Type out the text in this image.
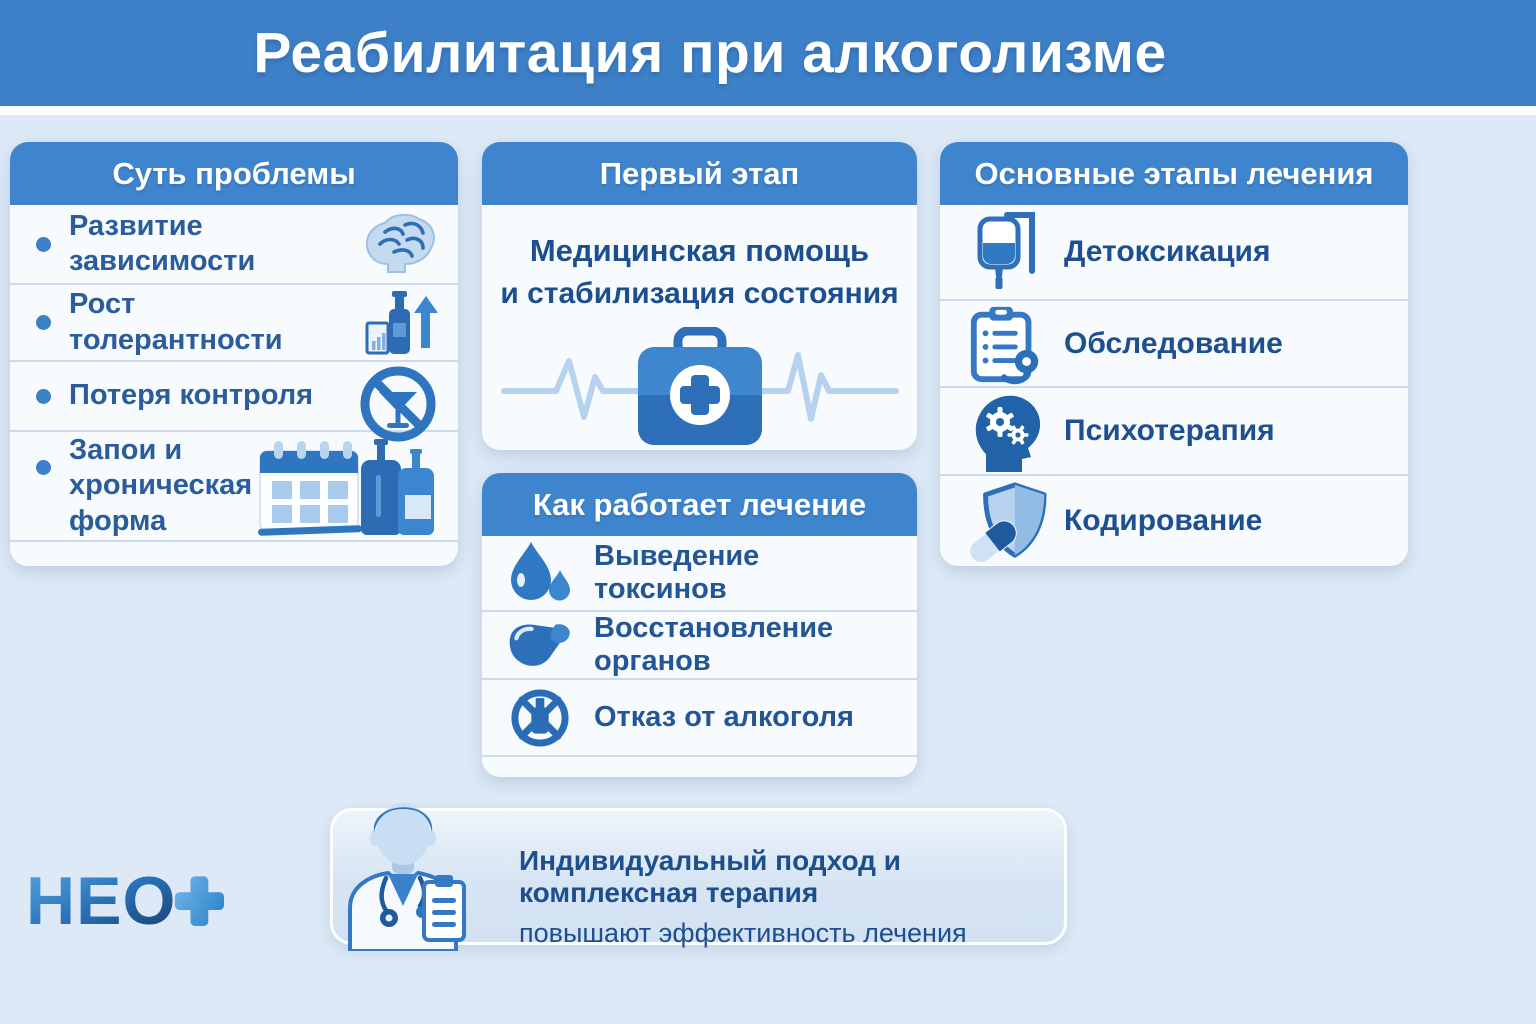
Реабилитация при алкоголизме
Суть проблемы
Развитие зависимости
Рост толерантности
Потеря контроля
Запои и хроническая форма
Первый этап
Медицинская помощь
и стабилизация состояния
Как работает лечение
Выведение токсинов
Восстановление органов
Отказ от алкоголя
Основные этапы лечения
Детоксикация
Обследование
Психотерапия
Кодирование
Индивидуальный подход и комплексная терапия
повышают эффективность лечения
НЕО +
